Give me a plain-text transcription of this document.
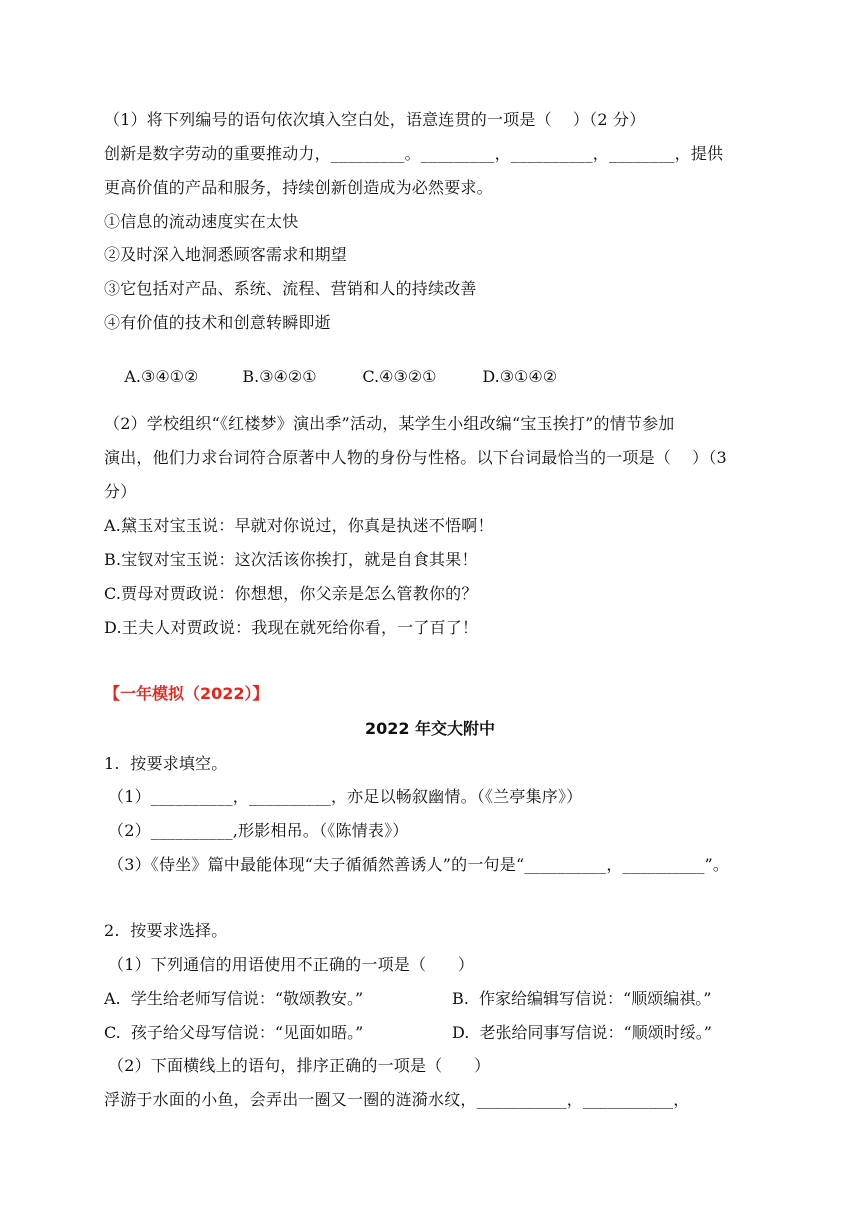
（1）将下列编号的语句依次填入空白处，语意连贯的一项是（    ）（2 分）
创新是数字劳动的重要推动力，_________。_________，__________，________，提供
更高价值的产品和服务，持续创新创造成为必然要求。
①信息的流动速度实在太快
②及时深入地洞悉顾客需求和期望
③它包括对产品、系统、流程、营销和人的持续改善
④有价值的技术和创意转瞬即逝

A.③④①②	B.③④②①	C.④③②①	D.③①④②

（2）学校组织“《红楼梦》演出季”活动，某学生小组改编“宝玉挨打”的情节参加
演出，他们力求台词符合原著中人物的身份与性格。以下台词最恰当的一项是（    ）（3
分）
A.黛玉对宝玉说：早就对你说过，你真是执迷不悟啊！
B.宝钗对宝玉说：这次活该你挨打，就是自食其果！
C.贾母对贾政说：你想想，你父亲是怎么管教你的？
D.王夫人对贾政说：我现在就死给你看，一了百了！
【一年模拟（2022）】
2022 年交大附中
1.  按要求填空。
（1）__________，__________，亦足以畅叙幽情。（《兰亭集序》）
（2）__________,形影相吊。（《陈情表》）
（3）《侍坐》篇中最能体现“夫子循循然善诱人”的一句是“__________，__________”。
2.  按要求选择。
（1）下列通信的用语使用不正确的一项是（      ）
A.  学生给老师写信说：“敬颂教安。”	B.  作家给编辑写信说：“顺颂编祺。”
C.  孩子给父母写信说：“见面如晤。”	D.  老张给同事写信说：“顺颂时绥。”
（2）下面横线上的语句，排序正确的一项是（      ）
浮游于水面的小鱼，会弄出一圈又一圈的涟漪水纹，___________，___________，
